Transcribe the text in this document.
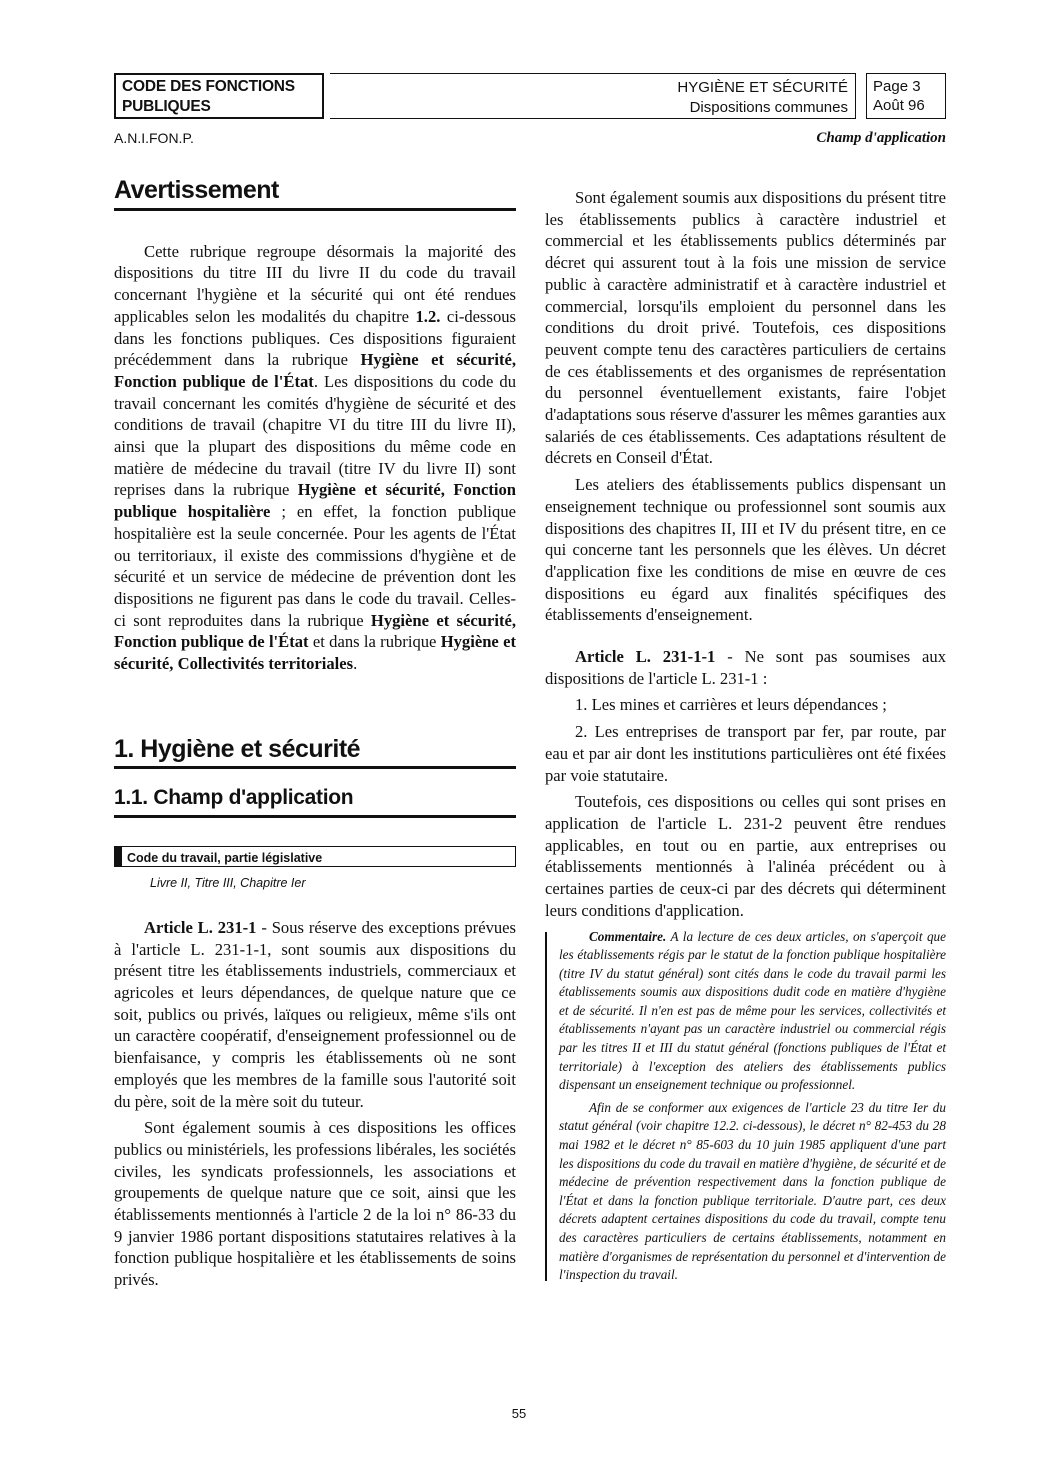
CODE DES FONCTIONS
PUBLIQUES
HYGIÈNE ET SÉCURITÉ
Dispositions communes
Page 3
Août 96
A.N.I.FON.P.	Champ d'application
Avertissement

Cette rubrique regroupe désormais la majorité des dispositions du titre III du livre II du code du travail concernant l'hygiène et la sécurité qui ont été rendues applicables selon les modalités du chapitre 1.2. ci-dessous dans les fonctions publiques. Ces dispositions figuraient précédemment dans la rubrique Hygiène et sécurité, Fonction publique de l'État. Les dispositions du code du travail concernant les comités d'hygiène de sécurité et des conditions de travail (chapitre VI du titre III du livre II), ainsi que la plupart des dispositions du même code en matière de médecine du travail (titre IV du livre II) sont reprises dans la rubrique Hygiène et sécurité, Fonction publique hospitalière ; en effet, la fonction publique hospitalière est la seule concernée. Pour les agents de l'État ou territoriaux, il existe des commissions d'hygiène et de sécurité et un service de médecine de prévention dont les dispositions ne figurent pas dans le code du travail. Celles-ci sont reproduites dans la rubrique Hygiène et sécurité, Fonction publique de l'État et dans la rubrique Hygiène et sécurité, Collectivités territoriales.

1. Hygiène et sécurité
1.1. Champ d'application
Code du travail, partie législative
Livre II, Titre III, Chapitre Ier

Article L. 231-1 - Sous réserve des exceptions prévues à l'article L. 231-1-1, sont soumis aux dispositions du présent titre les établissements industriels, commerciaux et agricoles et leurs dépendances, de quelque nature que ce soit, publics ou privés, laïques ou religieux, même s'ils ont un caractère coopératif, d'enseignement professionnel ou de bienfaisance, y compris les établissements où ne sont employés que les membres de la famille sous l'autorité soit du père, soit de la mère soit du tuteur.

Sont également soumis à ces dispositions les offices publics ou ministériels, les professions libérales, les sociétés civiles, les syndicats professionnels, les associations et groupements de quelque nature que ce soit, ainsi que les établissements mentionnés à l'article 2 de la loi n° 86-33 du 9 janvier 1986 portant dispositions statutaires relatives à la fonction publique hospitalière et les établissements de soins privés.

Sont également soumis aux dispositions du présent titre les établissements publics à caractère industriel et commercial et les établissements publics déterminés par décret qui assurent tout à la fois une mission de service public à caractère administratif et à caractère industriel et commercial, lorsqu'ils emploient du personnel dans les conditions du droit privé. Toutefois, ces dispositions peuvent compte tenu des caractères particuliers de certains de ces établissements et des organismes de représentation du personnel éventuellement existants, faire l'objet d'adaptations sous réserve d'assurer les mêmes garanties aux salariés de ces établissements. Ces adaptations résultent de décrets en Conseil d'État.

Les ateliers des établissements publics dispensant un enseignement technique ou professionnel sont soumis aux dispositions des chapitres II, III et IV du présent titre, en ce qui concerne tant les personnels que les élèves. Un décret d'application fixe les conditions de mise en œuvre de ces dispositions eu égard aux finalités spécifiques des établissements d'enseignement.

Article L. 231-1-1 - Ne sont pas soumises aux dispositions de l'article L. 231-1 :

1. Les mines et carrières et leurs dépendances ;

2. Les entreprises de transport par fer, par route, par eau et par air dont les institutions particulières ont été fixées par voie statutaire.

Toutefois, ces dispositions ou celles qui sont prises en application de l'article L. 231-2 peuvent être rendues applicables, en tout ou en partie, aux entreprises ou établissements mentionnés à l'alinéa précédent ou à certaines parties de ceux-ci par des décrets qui déterminent leurs conditions d'application.

Commentaire. A la lecture de ces deux articles, on s'aperçoit que les établissements régis par le statut de la fonction publique hospitalière (titre IV du statut général) sont cités dans le code du travail parmi les établissements soumis aux dispositions dudit code en matière d'hygiène et de sécurité. Il n'en est pas de même pour les services, collectivités et établissements n'ayant pas un caractère industriel ou commercial régis par les titres II et III du statut général (fonctions publiques de l'État et territoriale) à l'exception des ateliers des établissements publics dispensant un enseignement technique ou professionnel.

Afin de se conformer aux exigences de l'article 23 du titre Ier du statut général (voir chapitre 12.2. ci-dessous), le décret n° 82-453 du 28 mai 1982 et le décret n° 85-603 du 10 juin 1985 appliquent d'une part les dispositions du code du travail en matière d'hygiène, de sécurité et de médecine de prévention respectivement dans la fonction publique de l'État et dans la fonction publique territoriale. D'autre part, ces deux décrets adaptent certaines dispositions du code du travail, compte tenu des caractères particuliers de certains établissements, notamment en matière d'organismes de représentation du personnel et d'intervention de l'inspection du travail.

55
